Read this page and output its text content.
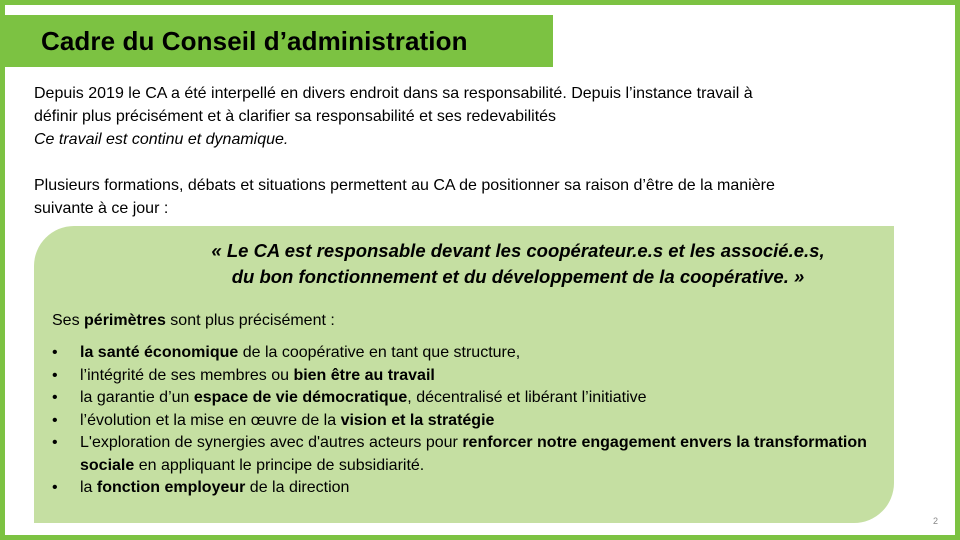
Cadre du Conseil d’administration
Depuis 2019 le CA a été interpellé en divers endroit dans sa responsabilité. Depuis l’instance travail à
définir plus précisément et à clarifier sa responsabilité et ses redevabilités
Ce travail est continu et dynamique.
Plusieurs formations, débats et situations permettent au CA de positionner sa raison d’être de la manière
suivante à ce jour :
« Le CA est responsable devant les coopérateur.e.s et les associé.e.s,
du bon fonctionnement et du développement de la coopérative. »
Ses périmètres sont plus précisément :
• la santé économique de la coopérative en tant que structure,
• l’intégrité de ses membres ou bien être au travail
• la garantie d’un espace de vie démocratique, décentralisé et libérant l’initiative
• l’évolution et la mise en œuvre de la vision et la stratégie
• L'exploration de synergies avec d'autres acteurs pour renforcer notre engagement envers la transformation sociale en appliquant le principe de subsidiarité.
• la fonction employeur de la direction
2
